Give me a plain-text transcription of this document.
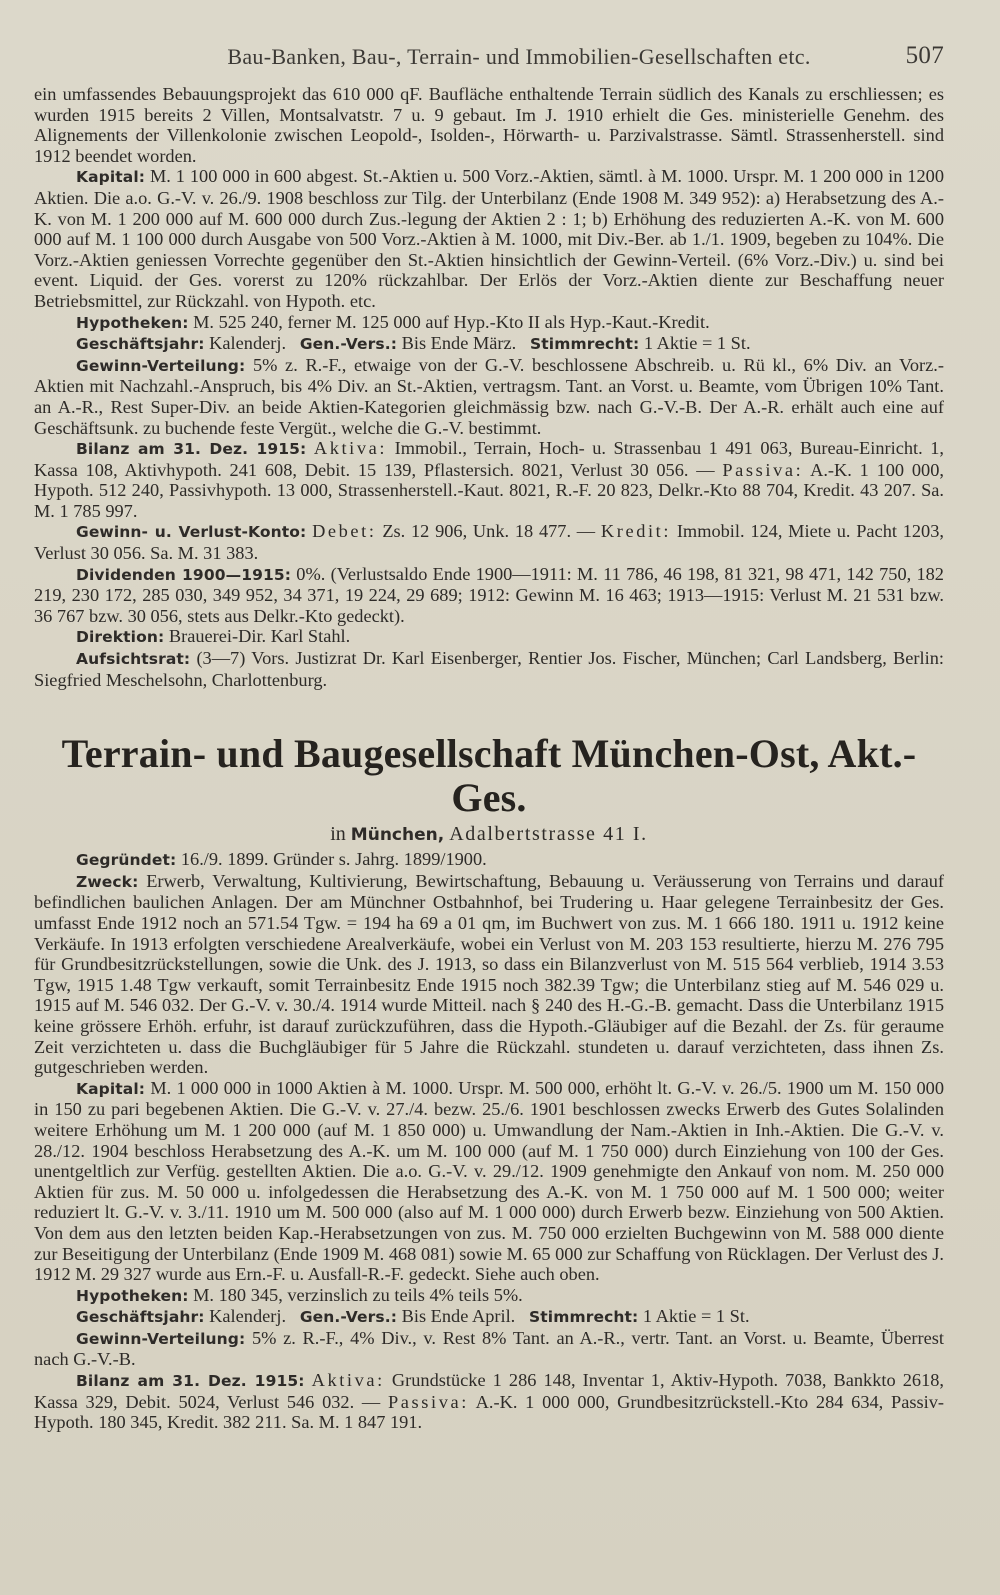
Bau-Banken, Bau-, Terrain- und Immobilien-Gesellschaften etc.	507

ein umfassendes Bebauungsprojekt das 610 000 qF. Baufläche enthaltende Terrain südlich des Kanals zu erschliessen; es wurden 1915 bereits 2 Villen, Montsalvatstr. 7 u. 9 gebaut. Im J. 1910 erhielt die Ges. ministerielle Genehm. des Alignements der Villenkolonie zwischen Leopold-, Isolden-, Hörwarth- u. Parzivalstrasse. Sämtl. Strassenherstell. sind 1912 beendet worden.

Kapital: M. 1 100 000 in 600 abgest. St.-Aktien u. 500 Vorz.-Aktien, sämtl. à M. 1000. Urspr. M. 1 200 000 in 1200 Aktien. Die a.o. G.-V. v. 26./9. 1908 beschloss zur Tilg. der Unterbilanz (Ende 1908 M. 349 952): a) Herabsetzung des A.-K. von M. 1 200 000 auf M. 600 000 durch Zus.-legung der Aktien 2 : 1; b) Erhöhung des reduzierten A.-K. von M. 600 000 auf M. 1 100 000 durch Ausgabe von 500 Vorz.-Aktien à M. 1000, mit Div.-Ber. ab 1./1. 1909, begeben zu 104%. Die Vorz.-Aktien geniessen Vorrechte gegenüber den St.-Aktien hinsichtlich der Gewinn-Verteil. (6% Vorz.-Div.) u. sind bei event. Liquid. der Ges. vorerst zu 120% rückzahlbar. Der Erlös der Vorz.-Aktien diente zur Beschaffung neuer Betriebsmittel, zur Rückzahl. von Hypoth. etc.

Hypotheken: M. 525 240, ferner M. 125 000 auf Hyp.-Kto II als Hyp.-Kaut.-Kredit.

Geschäftsjahr: Kalenderj. Gen.-Vers.: Bis Ende März. Stimmrecht: 1 Aktie = 1 St.

Gewinn-Verteilung: 5% z. R.-F., etwaige von der G.-V. beschlossene Abschreib. u. Rü kl., 6% Div. an Vorz.-Aktien mit Nachzahl.-Anspruch, bis 4% Div. an St.-Aktien, vertragsm. Tant. an Vorst. u. Beamte, vom Übrigen 10% Tant. an A.-R., Rest Super-Div. an beide Aktien-Kategorien gleichmässig bzw. nach G.-V.-B. Der A.-R. erhält auch eine auf Geschäftsunk. zu buchende feste Vergüt., welche die G.-V. bestimmt.

Bilanz am 31. Dez. 1915: Aktiva: Immobil., Terrain, Hoch- u. Strassenbau 1 491 063, Bureau-Einricht. 1, Kassa 108, Aktivhypoth. 241 608, Debit. 15 139, Pflastersich. 8021, Verlust 30 056. — Passiva: A.-K. 1 100 000, Hypoth. 512 240, Passivhypoth. 13 000, Strassenherstell.-Kaut. 8021, R.-F. 20 823, Delkr.-Kto 88 704, Kredit. 43 207. Sa. M. 1 785 997.

Gewinn- u. Verlust-Konto: Debet: Zs. 12 906, Unk. 18 477. — Kredit: Immobil. 124, Miete u. Pacht 1203, Verlust 30 056. Sa. M. 31 383.

Dividenden 1900—1915: 0%. (Verlustsaldo Ende 1900—1911: M. 11 786, 46 198, 81 321, 98 471, 142 750, 182 219, 230 172, 285 030, 349 952, 34 371, 19 224, 29 689; 1912: Gewinn M. 16 463; 1913—1915: Verlust M. 21 531 bzw. 36 767 bzw. 30 056, stets aus Delkr.-Kto gedeckt).

Direktion: Brauerei-Dir. Karl Stahl.

Aufsichtsrat: (3—7) Vors. Justizrat Dr. Karl Eisenberger, Rentier Jos. Fischer, München; Carl Landsberg, Berlin: Siegfried Meschelsohn, Charlottenburg.

Terrain- und Baugesellschaft München-Ost, Akt.-Ges.
in München, Adalbertstrasse 41 I.

Gegründet: 16./9. 1899. Gründer s. Jahrg. 1899/1900.

Zweck: Erwerb, Verwaltung, Kultivierung, Bewirtschaftung, Bebauung u. Veräusserung von Terrains und darauf befindlichen baulichen Anlagen. Der am Münchner Ostbahnhof, bei Trudering u. Haar gelegene Terrainbesitz der Ges. umfasst Ende 1912 noch an 571.54 Tgw. = 194 ha 69 a 01 qm, im Buchwert von zus. M. 1 666 180. 1911 u. 1912 keine Verkäufe. In 1913 erfolgten verschiedene Arealverkäufe, wobei ein Verlust von M. 203 153 resultierte, hierzu M. 276 795 für Grundbesitzrückstellungen, sowie die Unk. des J. 1913, so dass ein Bilanzverlust von M. 515 564 verblieb, 1914 3.53 Tgw, 1915 1.48 Tgw verkauft, somit Terrainbesitz Ende 1915 noch 382.39 Tgw; die Unterbilanz stieg auf M. 546 029 u. 1915 auf M. 546 032. Der G.-V. v. 30./4. 1914 wurde Mitteil. nach § 240 des H.-G.-B. gemacht. Dass die Unterbilanz 1915 keine grössere Erhöh. erfuhr, ist darauf zurückzuführen, dass die Hypoth.-Gläubiger auf die Bezahl. der Zs. für geraume Zeit verzichteten u. dass die Buchgläubiger für 5 Jahre die Rückzahl. stundeten u. darauf verzichteten, dass ihnen Zs. gutgeschrieben werden.

Kapital: M. 1 000 000 in 1000 Aktien à M. 1000. Urspr. M. 500 000, erhöht lt. G.-V. v. 26./5. 1900 um M. 150 000 in 150 zu pari begebenen Aktien. Die G.-V. v. 27./4. bezw. 25./6. 1901 beschlossen zwecks Erwerb des Gutes Solalinden weitere Erhöhung um M. 1 200 000 (auf M. 1 850 000) u. Umwandlung der Nam.-Aktien in Inh.-Aktien. Die G.-V. v. 28./12. 1904 beschloss Herabsetzung des A.-K. um M. 100 000 (auf M. 1 750 000) durch Einziehung von 100 der Ges. unentgeltlich zur Verfüg. gestellten Aktien. Die a.o. G.-V. v. 29./12. 1909 genehmigte den Ankauf von nom. M. 250 000 Aktien für zus. M. 50 000 u. infolgedessen die Herabsetzung des A.-K. von M. 1 750 000 auf M. 1 500 000; weiter reduziert lt. G.-V. v. 3./11. 1910 um M. 500 000 (also auf M. 1 000 000) durch Erwerb bezw. Einziehung von 500 Aktien. Von dem aus den letzten beiden Kap.-Herabsetzungen von zus. M. 750 000 erzielten Buchgewinn von M. 588 000 diente zur Beseitigung der Unterbilanz (Ende 1909 M. 468 081) sowie M. 65 000 zur Schaffung von Rücklagen. Der Verlust des J. 1912 M. 29 327 wurde aus Ern.-F. u. Ausfall-R.-F. gedeckt. Siehe auch oben.

Hypotheken: M. 180 345, verzinslich zu teils 4% teils 5%.

Geschäftsjahr: Kalenderj. Gen.-Vers.: Bis Ende April. Stimmrecht: 1 Aktie = 1 St.

Gewinn-Verteilung: 5% z. R.-F., 4% Div., v. Rest 8% Tant. an A.-R., vertr. Tant. an Vorst. u. Beamte, Überrest nach G.-V.-B.

Bilanz am 31. Dez. 1915: Aktiva: Grundstücke 1 286 148, Inventar 1, Aktiv-Hypoth. 7038, Bankkto 2618, Kassa 329, Debit. 5024, Verlust 546 032. — Passiva: A.-K. 1 000 000, Grundbesitzrückstell.-Kto 284 634, Passiv-Hypoth. 180 345, Kredit. 382 211. Sa. M. 1 847 191.
